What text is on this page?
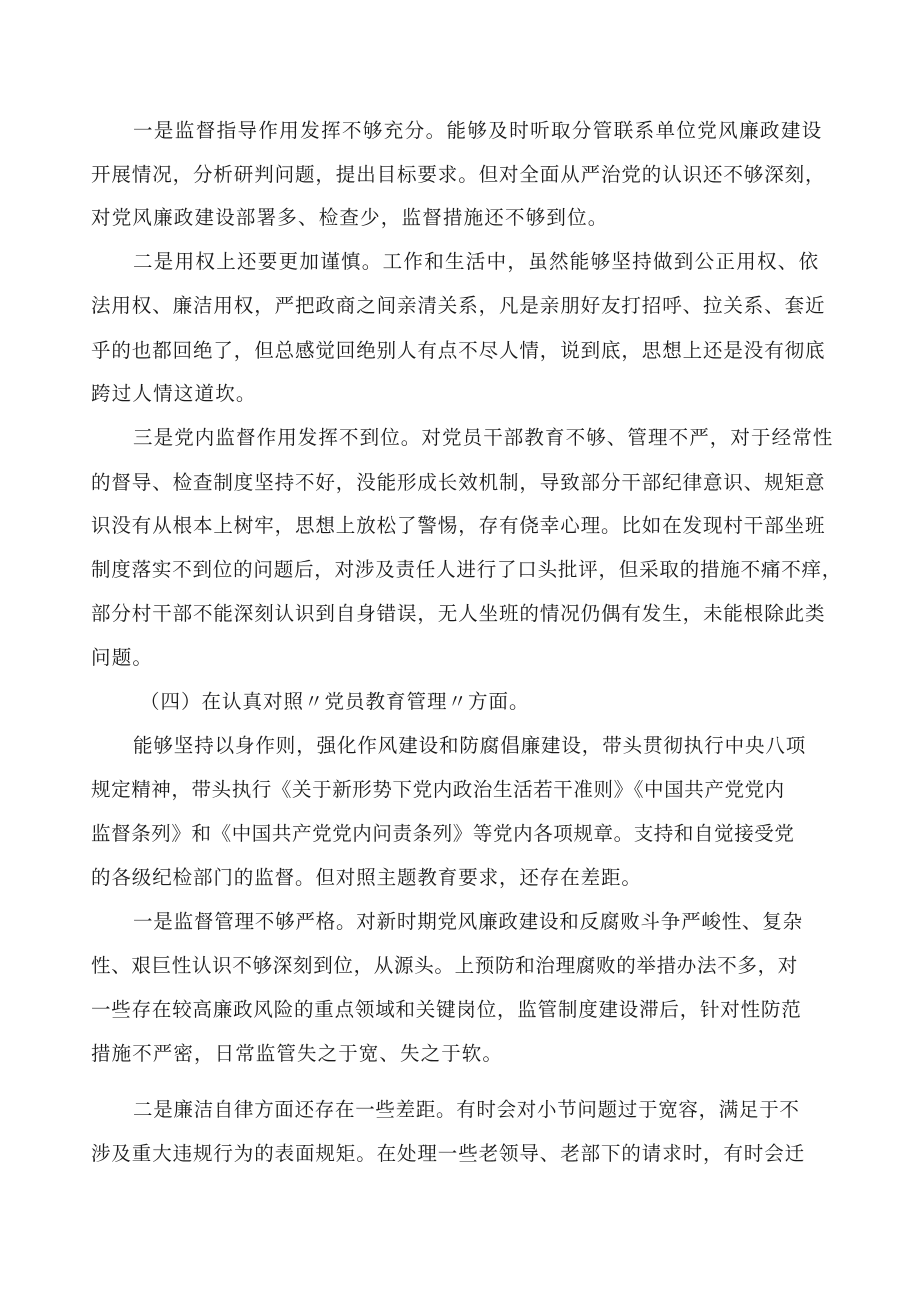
一是监督指导作用发挥不够充分。能够及时听取分管联系单位党风廉政建设
开展情况，分析研判问题，提出目标要求。但对全面从严治党的认识还不够深刻，
对党风廉政建设部署多、检查少，监督措施还不够到位。
二是用权上还要更加谨慎。工作和生活中，虽然能够坚持做到公正用权、依
法用权、廉洁用权，严把政商之间亲清关系，凡是亲朋好友打招呼、拉关系、套近
乎的也都回绝了，但总感觉回绝别人有点不尽人情，说到底，思想上还是没有彻底
跨过人情这道坎。
三是党内监督作用发挥不到位。对党员干部教育不够、管理不严，对于经常性
的督导、检查制度坚持不好，没能形成长效机制，导致部分干部纪律意识、规矩意
识没有从根本上树牢，思想上放松了警惕，存有侥幸心理。比如在发现村干部坐班
制度落实不到位的问题后，对涉及责任人进行了口头批评，但采取的措施不痛不痒，
部分村干部不能深刻认识到自身错误，无人坐班的情况仍偶有发生，未能根除此类
问题。
（四）在认真对照〃党员教育管理〃方面。
能够坚持以身作则，强化作风建设和防腐倡廉建设，带头贯彻执行中央八项
规定精神，带头执行《关于新形势下党内政治生活若干准则》《中国共产党党内
监督条列》和《中国共产党党内问责条列》等党内各项规章。支持和自觉接受党
的各级纪检部门的监督。但对照主题教育要求，还存在差距。
一是监督管理不够严格。对新时期党风廉政建设和反腐败斗争严峻性、复杂
性、艰巨性认识不够深刻到位，从源头。上预防和治理腐败的举措办法不多，对
一些存在较高廉政风险的重点领域和关键岗位，监管制度建设滞后，针对性防范
措施不严密，日常监管失之于宽、失之于软。
二是廉洁自律方面还存在一些差距。有时会对小节问题过于宽容，满足于不
涉及重大违规行为的表面规矩。在处理一些老领导、老部下的请求时，有时会迁
